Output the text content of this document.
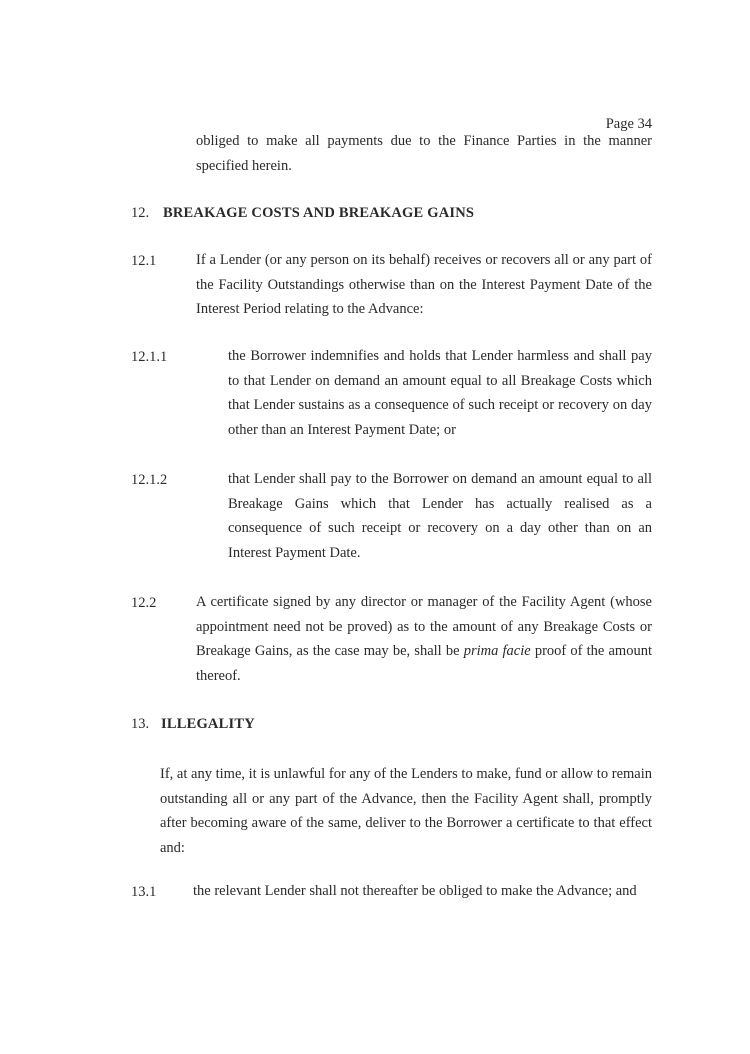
Page 34

obliged to make all payments due to the Finance Parties in the manner specified herein.

12. BREAKAGE COSTS AND BREAKAGE GAINS
12.1	If a Lender (or any person on its behalf) receives or recovers all or any part of the Facility Outstandings otherwise than on the Interest Payment Date of the Interest Period relating to the Advance:

12.1.1	the Borrower indemnifies and holds that Lender harmless and shall pay to that Lender on demand an amount equal to all Breakage Costs which that Lender sustains as a consequence of such receipt or recovery on day other than an Interest Payment Date; or

12.1.2	that Lender shall pay to the Borrower on demand an amount equal to all Breakage Gains which that Lender has actually realised as a consequence of such receipt or recovery on a day other than on an Interest Payment Date.

12.2	A certificate signed by any director or manager of the Facility Agent (whose appointment need not be proved) as to the amount of any Breakage Costs or Breakage Gains, as the case may be, shall be prima facie proof of the amount thereof.

13. ILLEGALITY

If, at any time, it is unlawful for any of the Lenders to make, fund or allow to remain outstanding all or any part of the Advance, then the Facility Agent shall, promptly after becoming aware of the same, deliver to the Borrower a certificate to that effect and:

13.1	the relevant Lender shall not thereafter be obliged to make the Advance; and
